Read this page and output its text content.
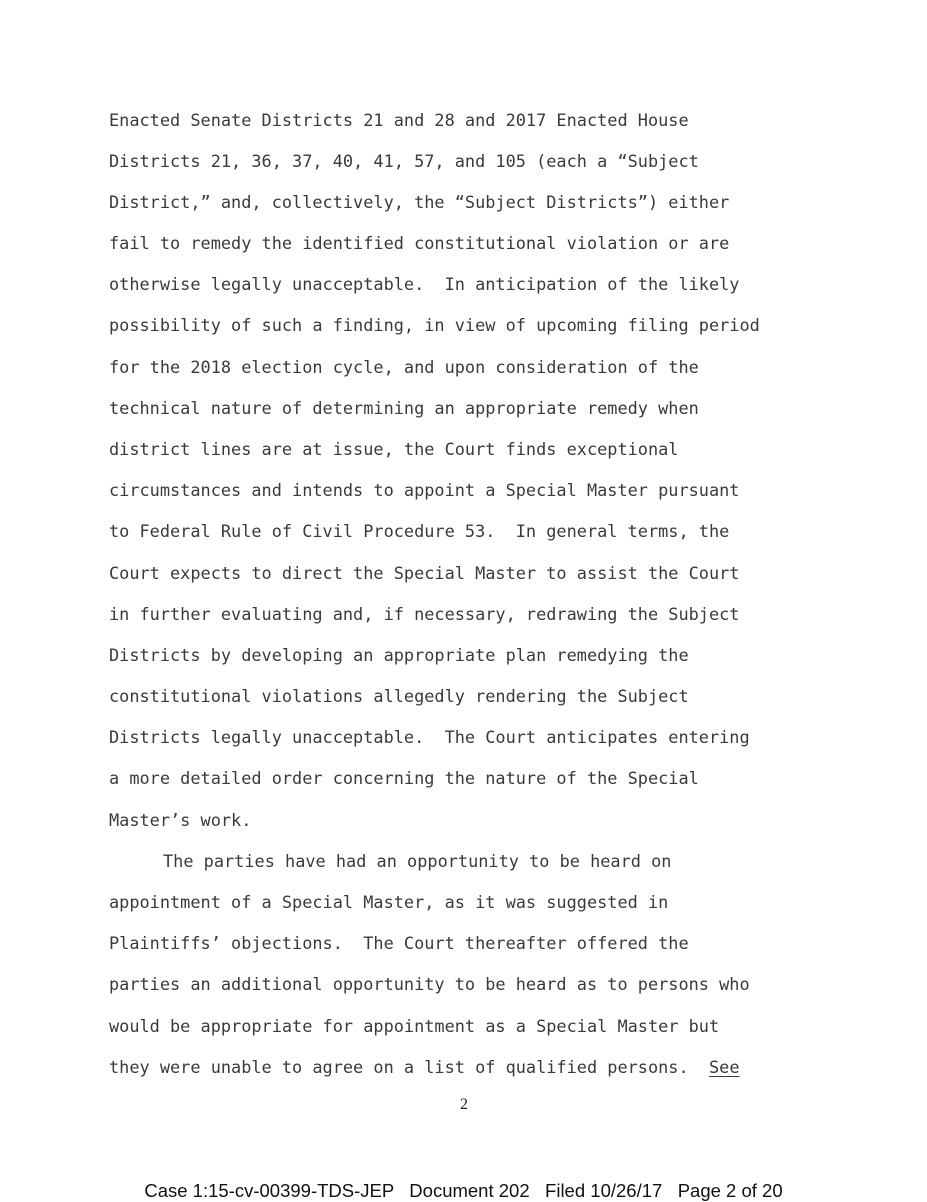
Enacted Senate Districts 21 and 28 and 2017 Enacted House

Districts 21, 36, 37, 40, 41, 57, and 105 (each a “Subject

District,” and, collectively, the “Subject Districts”) either

fail to remedy the identified constitutional violation or are

otherwise legally unacceptable.  In anticipation of the likely

possibility of such a finding, in view of upcoming filing period

for the 2018 election cycle, and upon consideration of the

technical nature of determining an appropriate remedy when

district lines are at issue, the Court finds exceptional

circumstances and intends to appoint a Special Master pursuant

to Federal Rule of Civil Procedure 53.  In general terms, the

Court expects to direct the Special Master to assist the Court

in further evaluating and, if necessary, redrawing the Subject

Districts by developing an appropriate plan remedying the

constitutional violations allegedly rendering the Subject

Districts legally unacceptable.  The Court anticipates entering

a more detailed order concerning the nature of the Special

Master’s work.

The parties have had an opportunity to be heard on

appointment of a Special Master, as it was suggested in

Plaintiffs’ objections.  The Court thereafter offered the

parties an additional opportunity to be heard as to persons who

would be appropriate for appointment as a Special Master but

they were unable to agree on a list of qualified persons.  See

2
Case 1:15-cv-00399-TDS-JEP   Document 202   Filed 10/26/17   Page 2 of 20
